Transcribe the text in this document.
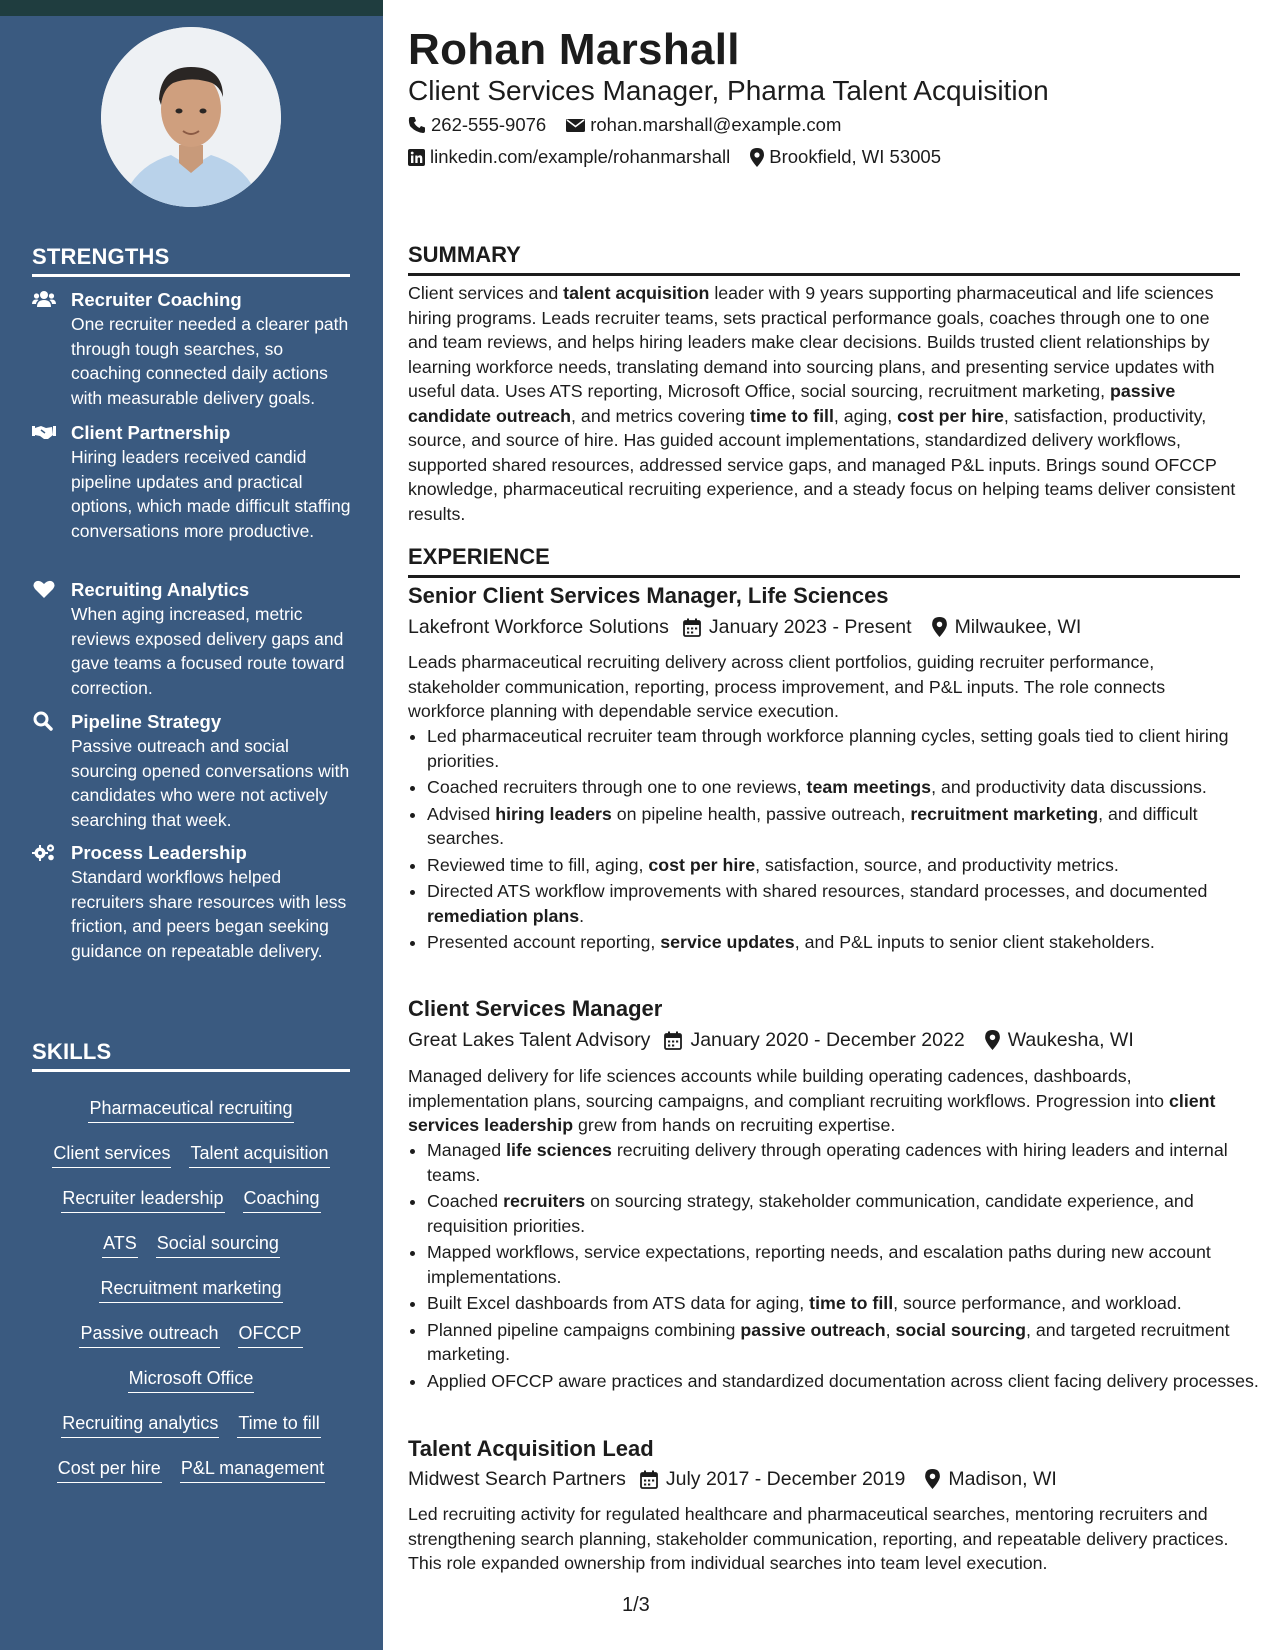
STRENGTHS
Recruiter Coaching
One recruiter needed a clearer path through tough searches, so coaching connected daily actions with measurable delivery goals.
Client Partnership
Hiring leaders received candid pipeline updates and practical options, which made difficult staffing conversations more productive.
Recruiting Analytics
When aging increased, metric reviews exposed delivery gaps and gave teams a focused route toward correction.
Pipeline Strategy
Passive outreach and social sourcing opened conversations with candidates who were not actively searching that week.
Process Leadership
Standard workflows helped recruiters share resources with less friction, and peers began seeking guidance on repeatable delivery.
SKILLS
Pharmaceutical recruiting
Client services Talent acquisition
Recruiter leadership Coaching
ATS Social sourcing
Recruitment marketing
Passive outreach OFCCP
Microsoft Office
Recruiting analytics Time to fill
Cost per hire P&L management
Rohan Marshall
Client Services Manager, Pharma Talent Acquisition
262-555-9076 rohan.marshall@example.com
linkedin.com/example/rohanmarshall Brookfield, WI 53005
SUMMARY
Client services and talent acquisition leader with 9 years supporting pharmaceutical and life sciences hiring programs. Leads recruiter teams, sets practical performance goals, coaches through one to one and team reviews, and helps hiring leaders make clear decisions. Builds trusted client relationships by learning workforce needs, translating demand into sourcing plans, and presenting service updates with useful data. Uses ATS reporting, Microsoft Office, social sourcing, recruitment marketing, passive candidate outreach, and metrics covering time to fill, aging, cost per hire, satisfaction, productivity, source, and source of hire. Has guided account implementations, standardized delivery workflows, supported shared resources, addressed service gaps, and managed P&L inputs. Brings sound OFCCP knowledge, pharmaceutical recruiting experience, and a steady focus on helping teams deliver consistent results.
EXPERIENCE
Senior Client Services Manager, Life Sciences
Lakefront Workforce Solutions January 2023 - Present Milwaukee, WI
Leads pharmaceutical recruiting delivery across client portfolios, guiding recruiter performance, stakeholder communication, reporting, process improvement, and P&L inputs. The role connects workforce planning with dependable service execution.
• Led pharmaceutical recruiter team through workforce planning cycles, setting goals tied to client hiring priorities.
• Coached recruiters through one to one reviews, team meetings, and productivity data discussions.
• Advised hiring leaders on pipeline health, passive outreach, recruitment marketing, and difficult searches.
• Reviewed time to fill, aging, cost per hire, satisfaction, source, and productivity metrics.
• Directed ATS workflow improvements with shared resources, standard processes, and documented remediation plans.
• Presented account reporting, service updates, and P&L inputs to senior client stakeholders.
Client Services Manager
Great Lakes Talent Advisory January 2020 - December 2022 Waukesha, WI
Managed delivery for life sciences accounts while building operating cadences, dashboards, implementation plans, sourcing campaigns, and compliant recruiting workflows. Progression into client services leadership grew from hands on recruiting expertise.
• Managed life sciences recruiting delivery through operating cadences with hiring leaders and internal teams.
• Coached recruiters on sourcing strategy, stakeholder communication, candidate experience, and requisition priorities.
• Mapped workflows, service expectations, reporting needs, and escalation paths during new account implementations.
• Built Excel dashboards from ATS data for aging, time to fill, source performance, and workload.
• Planned pipeline campaigns combining passive outreach, social sourcing, and targeted recruitment marketing.
• Applied OFCCP aware practices and standardized documentation across client facing delivery processes.
Talent Acquisition Lead
Midwest Search Partners July 2017 - December 2019 Madison, WI
Led recruiting activity for regulated healthcare and pharmaceutical searches, mentoring recruiters and strengthening search planning, stakeholder communication, reporting, and repeatable delivery practices. This role expanded ownership from individual searches into team level execution.
1/3
